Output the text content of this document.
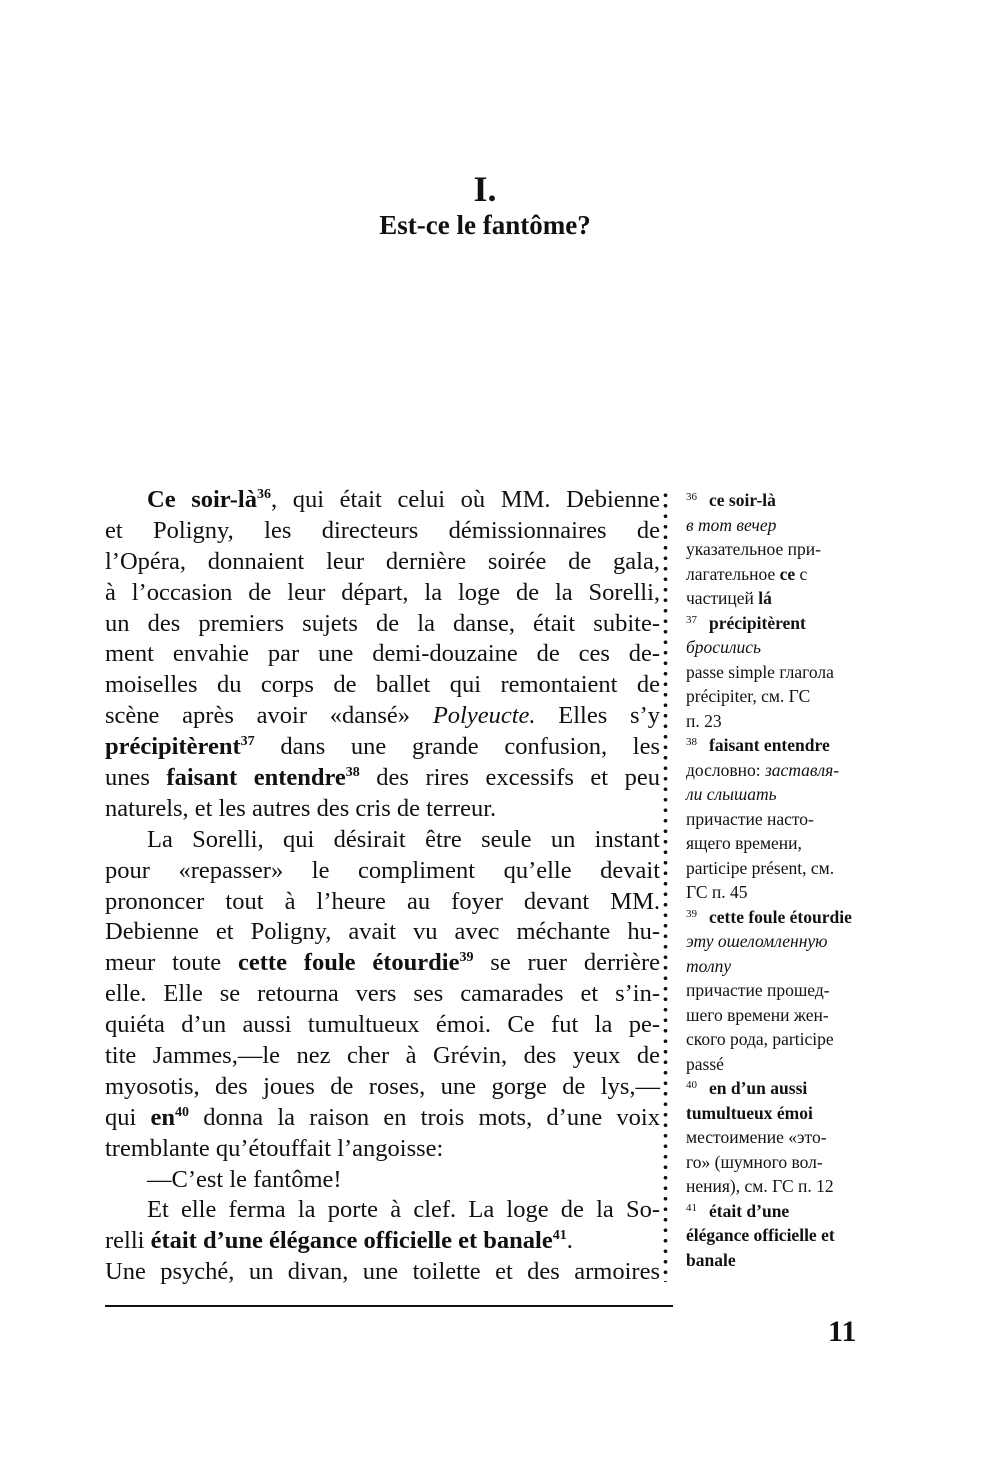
I.
Est-ce le fantôme?
Ce soir-$là^{36}$, qui était celui où MM. Debienne
et Poligny, les directeurs démissionnaires de
l’Opéra, donnaient leur dernière soirée de gala,
à l’occasion de leur départ, la loge de la Sorelli,
un des premiers sujets de la danse, était subite-
ment envahie par une demi-douzaine de ces de-
moiselles du corps de ballet qui remontaient de
scène après avoir «dansé» Polyeucte. Elles s’y
précipitèrent$^{37}$ dans une grande confusion, les
unes faisant entendre$^{38}$ des rires excessifs et peu
naturels, et les autres des cris de terreur.
La Sorelli, qui désirait être seule un instant
pour «repasser» le compliment qu’elle devait
prononcer tout à l’heure au foyer devant MM.
Debienne et Poligny, avait vu avec méchante hu-
meur toute cette foule étourdie$^{39}$ se ruer derrière
elle. Elle se retourna vers ses camarades et s’in-
quiéta d’un aussi tumultueux émoi. Ce fut la pe-
tite Jammes,—le nez cher à Grévin, des yeux de
myosotis, des joues de roses, une gorge de lys,—
qui $en^{40}$ donna la raison en trois mots, d’une voix
tremblante qu’étouffait l’angoisse:
—C’est le fantôme!
Et elle ferma la porte à clef. La loge de la So-
relli était d’une élégance officielle et banale$^{41}$.
Une psyché, un divan, une toilette et des armoires
$^{36}$ ce soir-là
в тот вечер
указательное при-
лагательное ce с
частицей lá
$^{37}$ précipitèrent
бросились
passe simple глагола
précipiter, см. ГС
п. 23
$^{38}$ faisant entendre
дословно: заставля-
ли слышать
причастие насто-
ящего времени,
participe présent, см.
ГС п. 45
$^{39}$ cette foule étourdie
эту ошеломленную
толпу
причастие прошед-
шего времени жен-
ского рода, participe
passé
$^{40}$ en d’un aussi
tumultueux émoi
местоимение «это-
го» (шумного вол-
нения), см. ГС п. 12
$^{41}$ était d’une
élégance officielle et
banale
11
